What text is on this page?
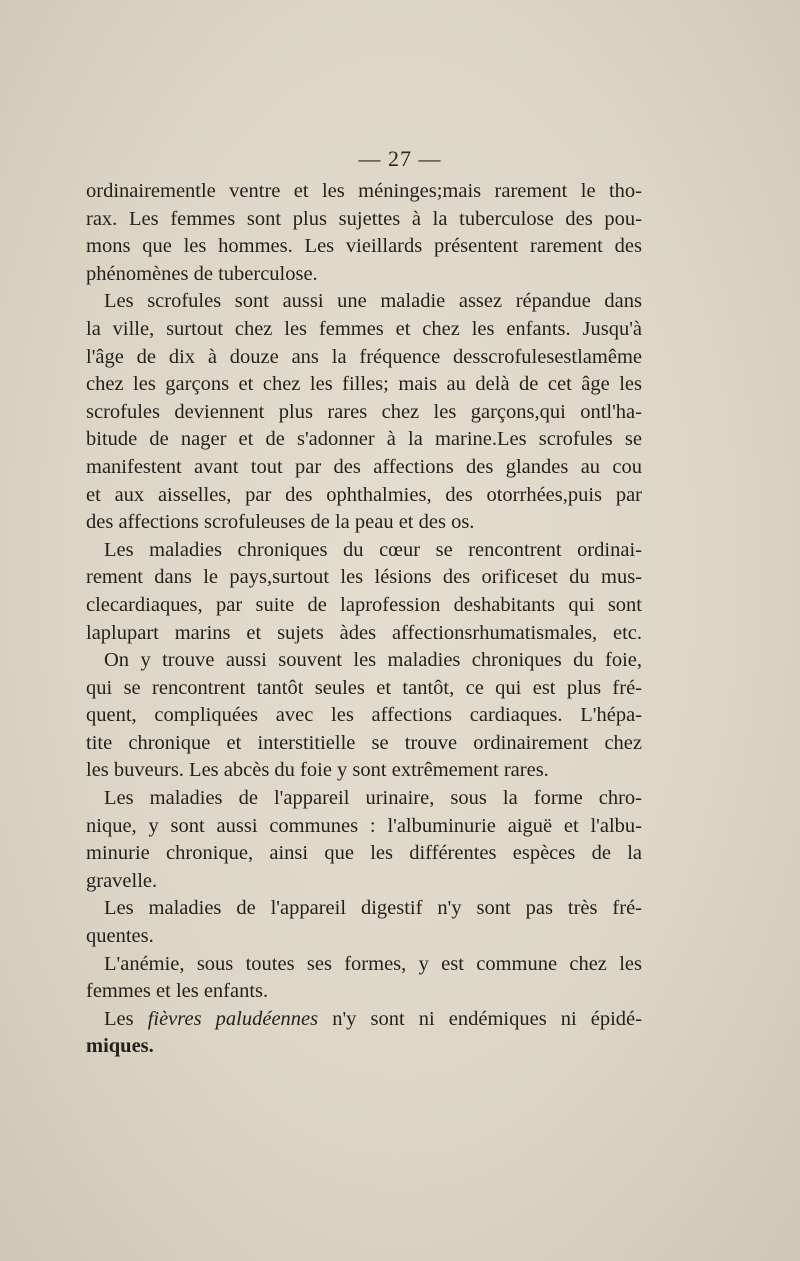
— 27 —
ordinairementle ventre et les méninges;mais rarement le tho-
rax. Les femmes sont plus sujettes à la tuberculose des pou-
mons que les hommes. Les vieillards présentent rarement des
phénomènes de tuberculose.
Les scrofules sont aussi une maladie assez répandue dans
la ville, surtout chez les femmes et chez les enfants. Jusqu'à
l'âge de dix à douze ans la fréquence desscrofulesestlamême
chez les garçons et chez les filles; mais au delà de cet âge les
scrofules deviennent plus rares chez les garçons,qui ontl'ha-
bitude de nager et de s'adonner à la marine.Les scrofules se
manifestent avant tout par des affections des glandes au cou
et aux aisselles, par des ophthalmies, des otorrhées,puis par
des affections scrofuleuses de la peau et des os.
Les maladies chroniques du cœur se rencontrent ordinai-
rement dans le pays,surtout les lésions des orificeset du mus-
clecardiaques, par suite de laprofession deshabitants qui sont
laplupart marins et sujets àdes affectionsrhumatismales, etc.
On y trouve aussi souvent les maladies chroniques du foie,
qui se rencontrent tantôt seules et tantôt, ce qui est plus fré-
quent, compliquées avec les affections cardiaques. L'hépa-
tite chronique et interstitielle se trouve ordinairement chez
les buveurs. Les abcès du foie y sont extrêmement rares.
Les maladies de l'appareil urinaire, sous la forme chro-
nique, y sont aussi communes : l'albuminurie aiguë et l'albu-
minurie chronique, ainsi que les différentes espèces de la
gravelle.
Les maladies de l'appareil digestif n'y sont pas très fré-
quentes.
L'anémie, sous toutes ses formes, y est commune chez les
femmes et les enfants.
Les fièvres paludéennes n'y sont ni endémiques ni épidé-
miques.
